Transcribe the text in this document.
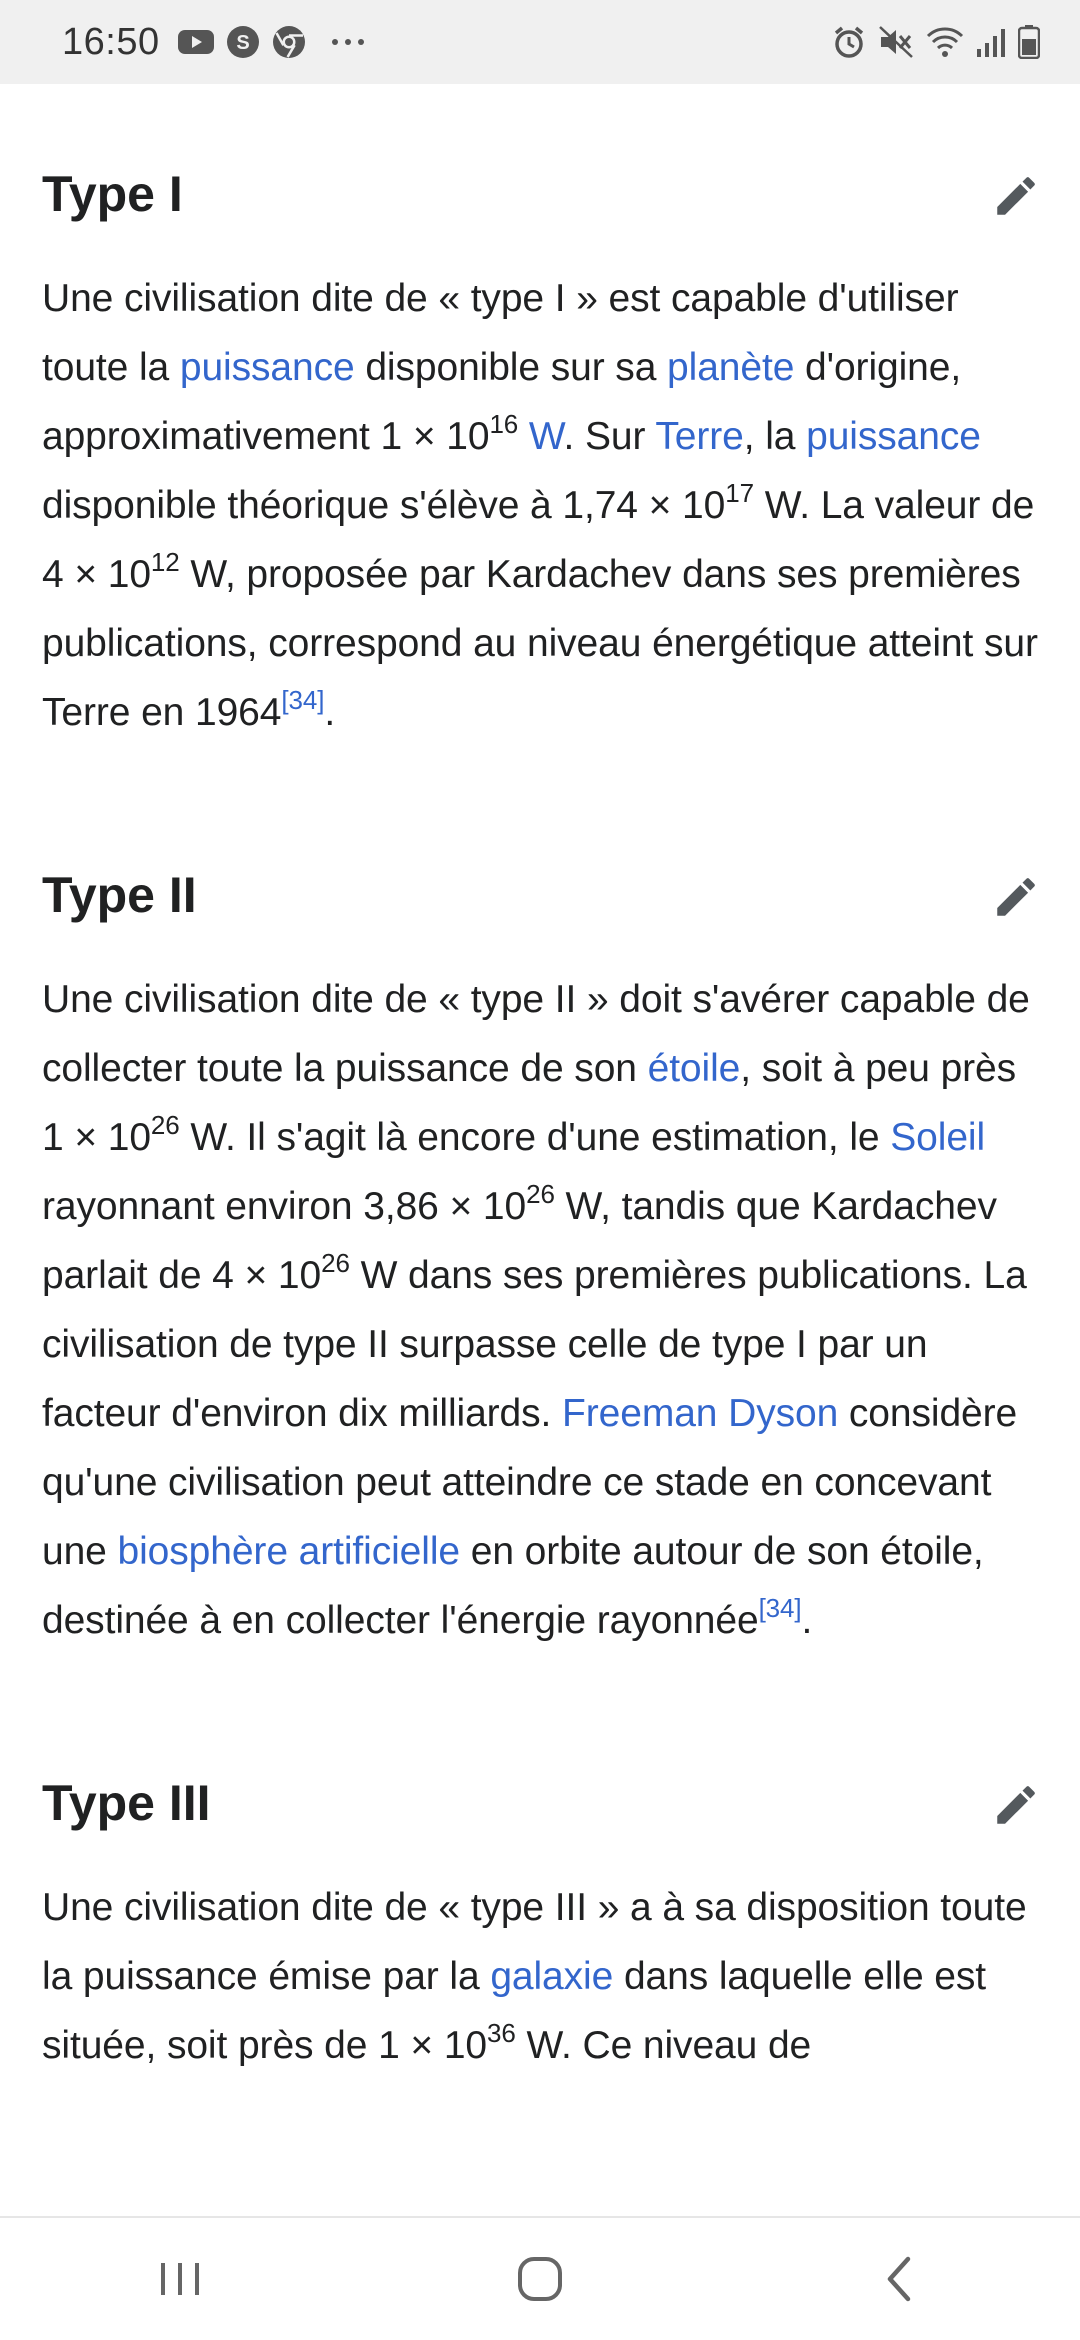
16:50	S
Type I

Une civilisation dite de « type I » est capable d'utiliser toute la puissance disponible sur sa planète d'origine, approximativement $1 \times 10^{16}$ W. Sur Terre, la puissance disponible théorique s'élève à $1,74 \times 10^{17}$ W. La valeur de $4 \times 10^{12}$ W, proposée par Kardachev dans ses premières publications, correspond au niveau énergétique atteint sur Terre en 1964[34].

Type II

Une civilisation dite de « type II » doit s'avérer capable de collecter toute la puissance de son étoile, soit à peu près $1 \times 10^{26}$ W. Il s'agit là encore d'une estimation, le Soleil rayonnant environ $3,86 \times 10^{26}$ W, tandis que Kardachev parlait de $4 \times 10^{26}$ W dans ses premières publications. La civilisation de type II surpasse celle de type I par un facteur d'environ dix milliards. Freeman Dyson considère qu'une civilisation peut atteindre ce stade en concevant une biosphère artificielle en orbite autour de son étoile, destinée à en collecter l'énergie rayonnée[34].

Type III

Une civilisation dite de « type III » a à sa disposition toute la puissance émise par la galaxie dans laquelle elle est située, soit près de $1 \times 10^{36}$ W. Ce niveau de
